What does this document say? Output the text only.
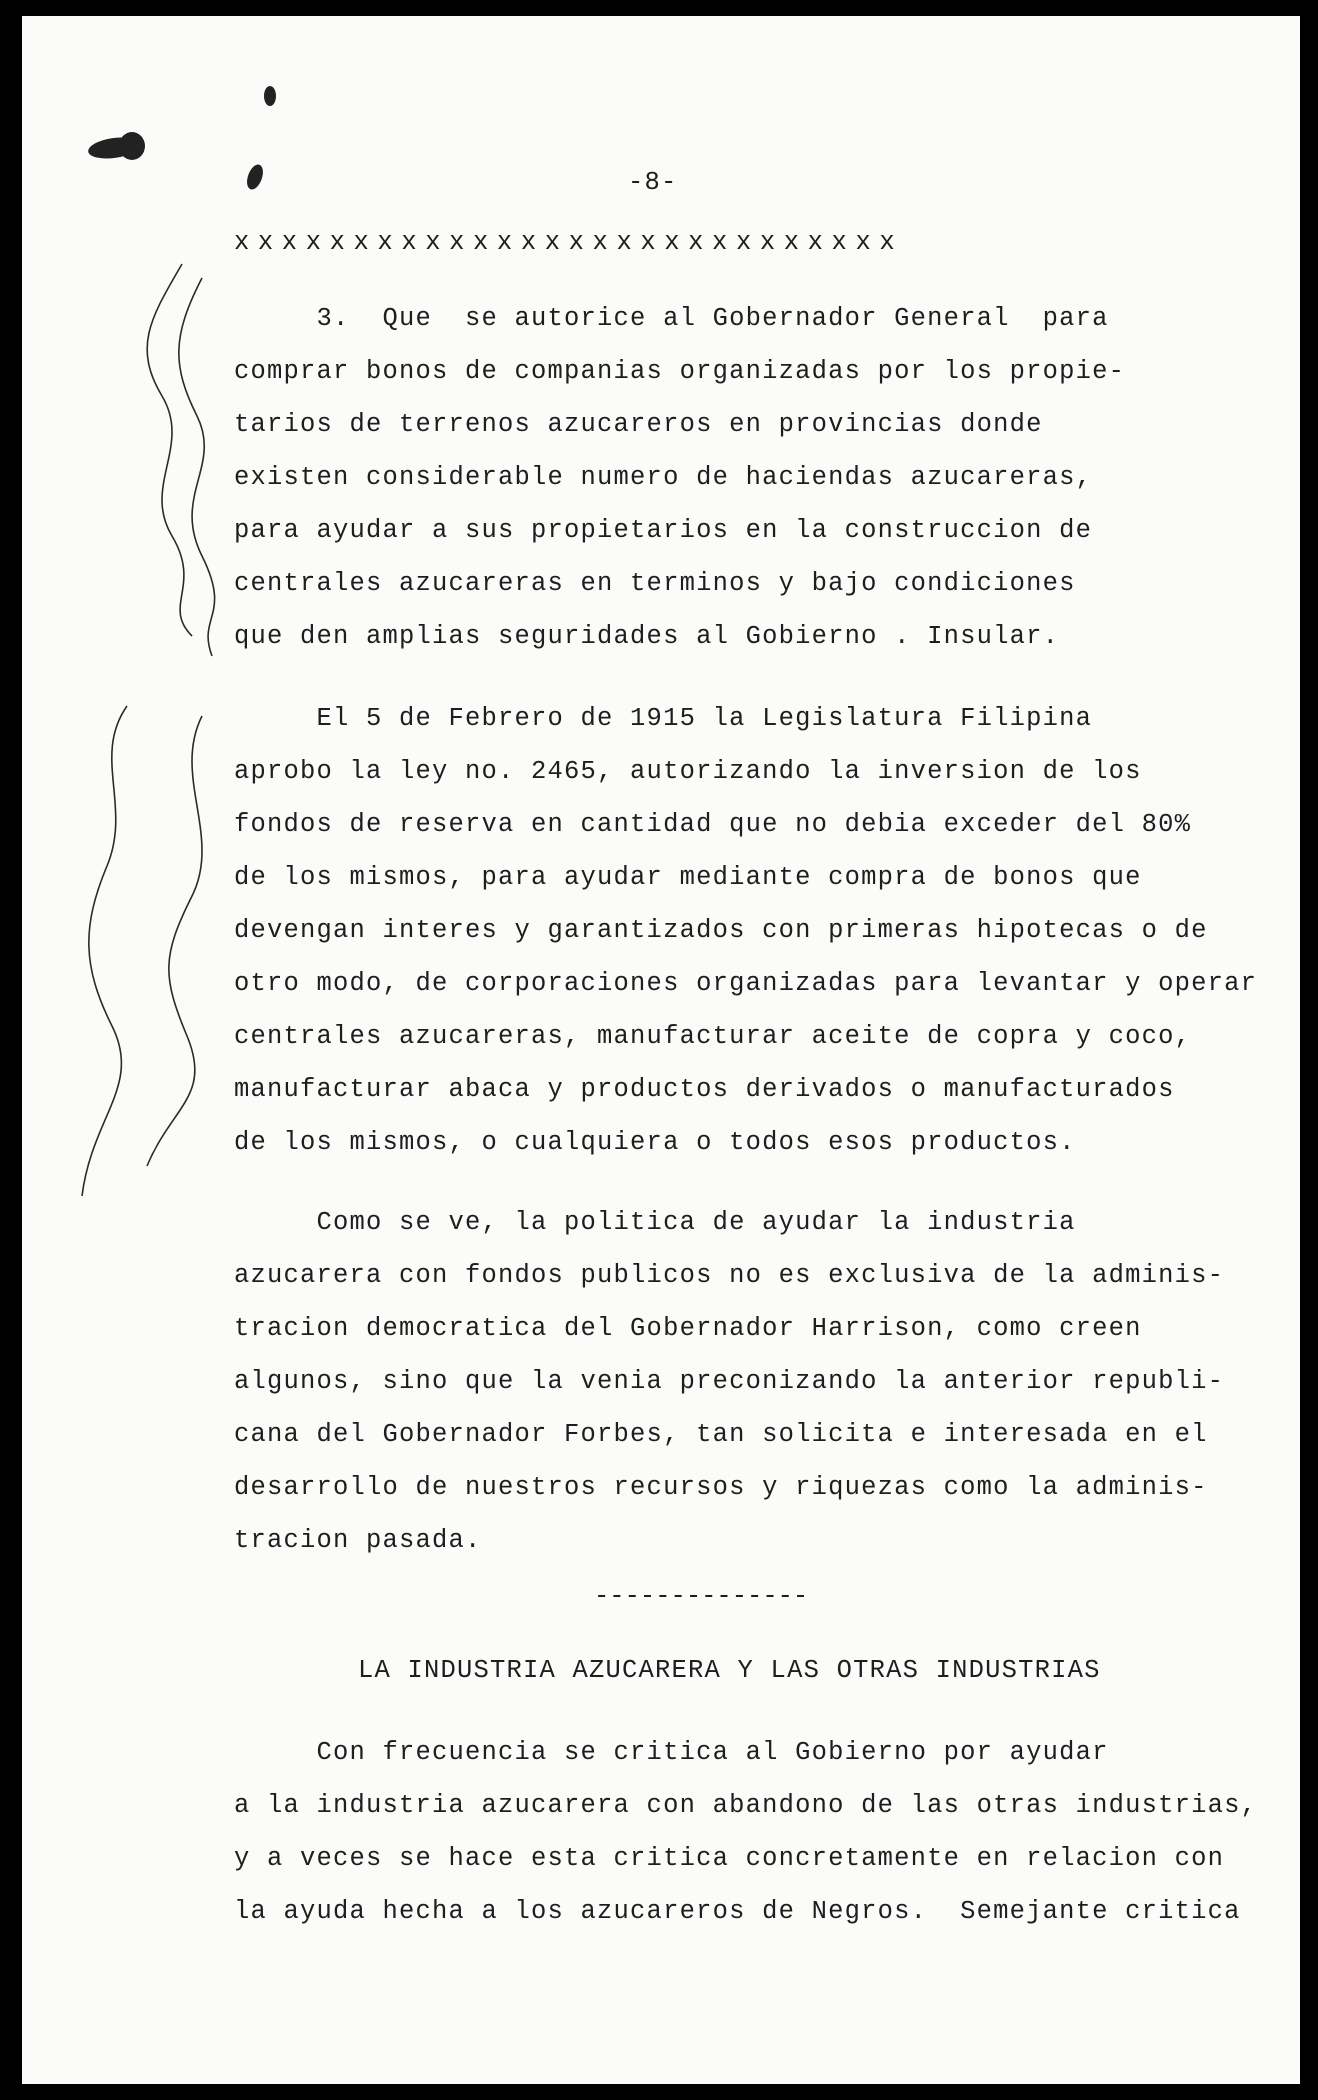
-8-
xxxxxxxxxxxxxxxxxxxxxxxxxxxx
3.  Que  se autorice al Gobernador General  para
comprar bonos de companias organizadas por los propie-
tarios de terrenos azucareros en provincias donde
existen considerable numero de haciendas azucareras,
para ayudar a sus propietarios en la construccion de
centrales azucareras en terminos y bajo condiciones
que den amplias seguridades al Gobierno . Insular.
El 5 de Febrero de 1915 la Legislatura Filipina
aprobo la ley no. 2465, autorizando la inversion de los
fondos de reserva en cantidad que no debia exceder del 80%
de los mismos, para ayudar mediante compra de bonos que
devengan interes y garantizados con primeras hipotecas o de
otro modo, de corporaciones organizadas para levantar y operar
centrales azucareras, manufacturar aceite de copra y coco,
manufacturar abaca y productos derivados o manufacturados
de los mismos, o cualquiera o todos esos productos.
Como se ve, la politica de ayudar la industria
azucarera con fondos publicos no es exclusiva de la adminis-
tracion democratica del Gobernador Harrison, como creen
algunos, sino que la venia preconizando la anterior republi-
cana del Gobernador Forbes, tan solicita e interesada en el
desarrollo de nuestros recursos y riquezas como la adminis-
tracion pasada.
--------------
LA INDUSTRIA AZUCARERA Y LAS OTRAS INDUSTRIAS
Con frecuencia se critica al Gobierno por ayudar
a la industria azucarera con abandono de las otras industrias,
y a veces se hace esta critica concretamente en relacion con
la ayuda hecha a los azucareros de Negros.  Semejante critica
